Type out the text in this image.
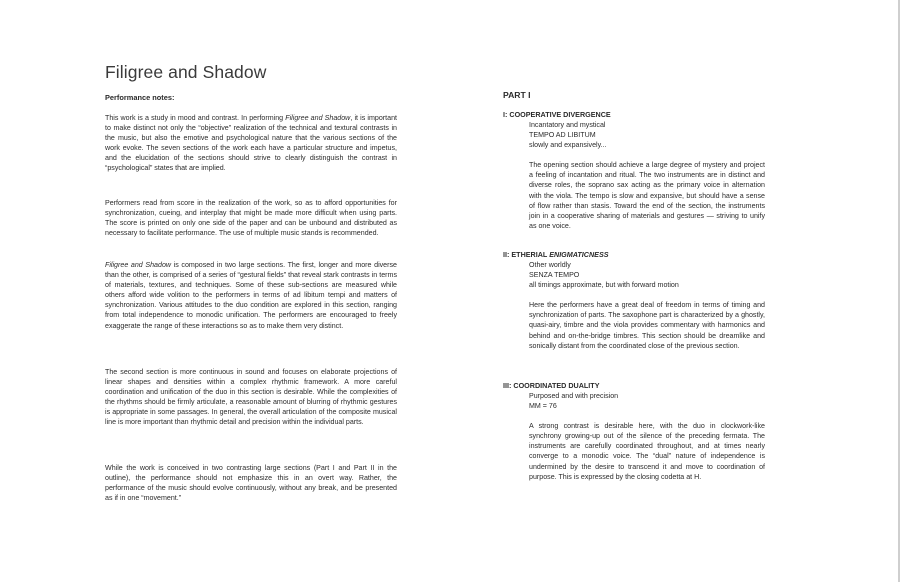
Filigree and Shadow
Performance notes:

This work is a study in mood and contrast. In performing Filigree and Shadow, it is important to make distinct not only the “objective” realization of the technical and textural contrasts in the music, but also the emotive and psychological nature that the various sections of the work evoke. The seven sections of the work each have a particular structure and impetus, and the elucidation of the sections should strive to clearly distinguish the contrast in “psychological” states that are implied.

Performers read from score in the realization of the work, so as to afford opportunities for synchronization, cueing, and interplay that might be made more difficult when using parts. The score is printed on only one side of the paper and can be unbound and distributed as necessary to facilitate performance. The use of multiple music stands is recommended.

Filigree and Shadow is composed in two large sections. The first, longer and more diverse than the other, is comprised of a series of “gestural fields” that reveal stark contrasts in terms of materials, textures, and techniques. Some of these sub-sections are measured while others afford wide volition to the performers in terms of ad libitum tempi and matters of synchronization. Various attitudes to the duo condition are explored in this section, ranging from total independence to monodic unification. The performers are encouraged to freely exaggerate the range of these interactions so as to make them very distinct.

The second section is more continuous in sound and focuses on elaborate projections of linear shapes and densities within a complex rhythmic framework. A more careful coordination and unification of the duo in this section is desirable. While the complexities of the rhythms should be firmly articulate, a reasonable amount of blurring of rhythmic gestures is appropriate in some passages. In general, the overall articulation of the composite musical line is more important than rhythmic detail and precision within the individual parts.

While the work is conceived in two contrasting large sections (Part I and Part II in the outline), the performance should not emphasize this in an overt way. Rather, the performance of the music should evolve continuously, without any break, and be presented as if in one “movement.”

PART I
I: COOPERATIVE DIVERGENCE
Incantatory and mystical
TEMPO AD LIBITUM
slowly and expansively...

The opening section should achieve a large degree of mystery and project a feeling of incantation and ritual. The two instruments are in distinct and diverse roles, the soprano sax acting as the primary voice in alternation with the viola. The tempo is slow and expansive, but should have a sense of flow rather than stasis. Toward the end of the section, the instruments join in a cooperative sharing of materials and gestures — striving to unify as one voice.

II: ETHERIAL ENIGMATICNESS
Other worldly
SENZA TEMPO
all timings approximate, but with forward motion

Here the performers have a great deal of freedom in terms of timing and synchronization of parts. The saxophone part is characterized by a ghostly, quasi-airy, timbre and the viola provides commentary with harmonics and behind and on-the-bridge timbres. This section should be dreamlike and sonically distant from the coordinated close of the previous section.

III: COORDINATED DUALITY
Purposed and with precision
MM = 76

A strong contrast is desirable here, with the duo in clockwork-like synchrony growing-up out of the silence of the preceding fermata. The instruments are carefully coordinated throughout, and at times nearly converge to a monodic voice. The “dual” nature of independence is undermined by the desire to transcend it and move to coordination of purpose. This is expressed by the closing codetta at H.
